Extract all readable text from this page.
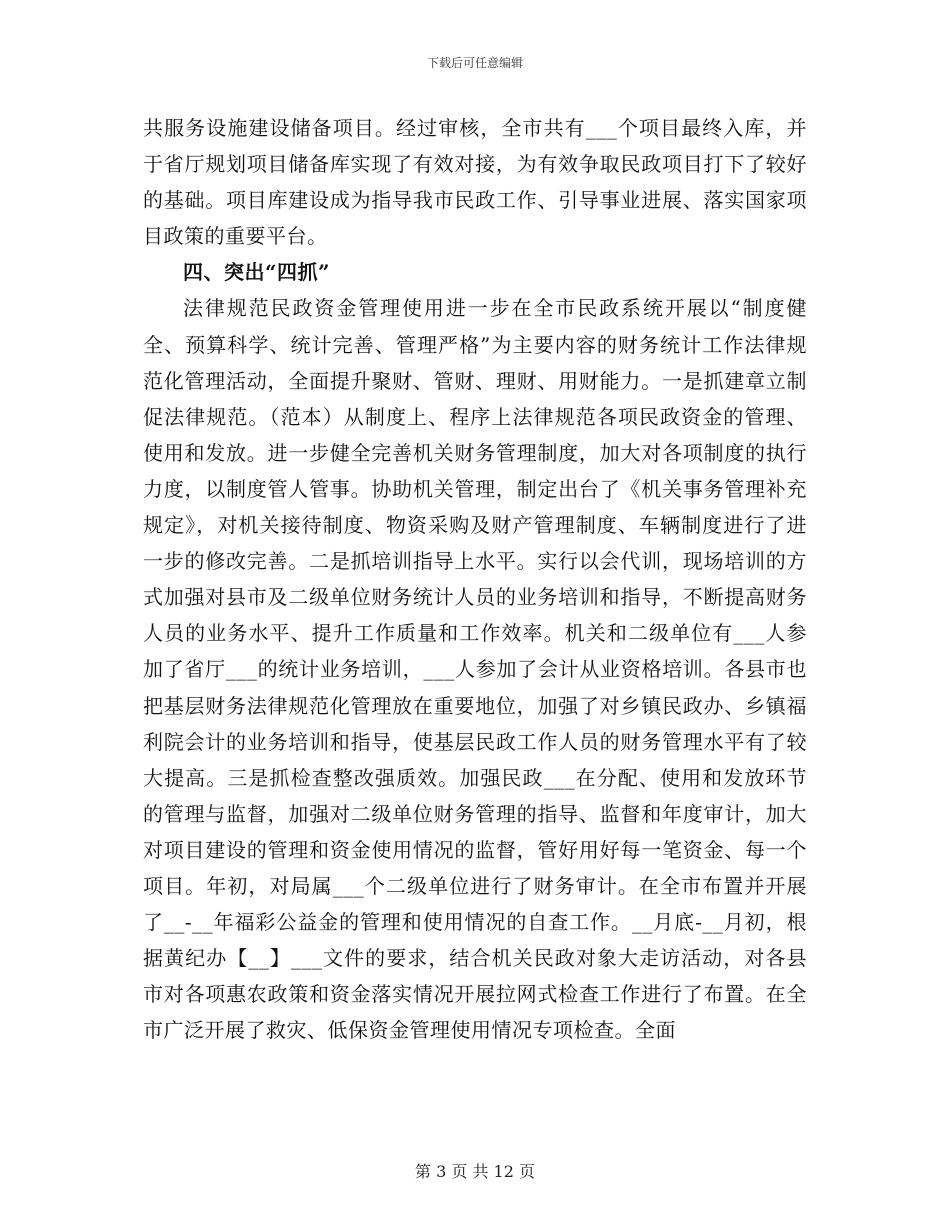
下载后可任意编辑

共服务设施建设储备项目。经过审核，全市共有___个项目最终入库，并于省厅规划项目储备库实现了有效对接，为有效争取民政项目打下了较好的基础。项目库建设成为指导我市民政工作、引导事业进展、落实国家项目政策的重要平台。

四、突出“四抓”

法律规范民政资金管理使用进一步在全市民政系统开展以“制度健全、预算科学、统计完善、管理严格”为主要内容的财务统计工作法律规范化管理活动，全面提升聚财、管财、理财、用财能力。一是抓建章立制促法律规范。（范本）从制度上、程序上法律规范各项民政资金的管理、使用和发放。进一步健全完善机关财务管理制度，加大对各项制度的执行力度，以制度管人管事。协助机关管理，制定出台了《机关事务管理补充规定》，对机关接待制度、物资采购及财产管理制度、车辆制度进行了进一步的修改完善。二是抓培训指导上水平。实行以会代训，现场培训的方式加强对县市及二级单位财务统计人员的业务培训和指导，不断提高财务人员的业务水平、提升工作质量和工作效率。机关和二级单位有___人参加了省厅___的统计业务培训，___人参加了会计从业资格培训。各县市也把基层财务法律规范化管理放在重要地位，加强了对乡镇民政办、乡镇福利院会计的业务培训和指导，使基层民政工作人员的财务管理水平有了较大提高。三是抓检查整改强质效。加强民政___在分配、使用和发放环节的管理与监督，加强对二级单位财务管理的指导、监督和年度审计，加大对项目建设的管理和资金使用情况的监督，管好用好每一笔资金、每一个项目。年初，对局属___个二级单位进行了财务审计。在全市布置并开展了__-__年福彩公益金的管理和使用情况的自查工作。__月底-__月初，根据黄纪办【__】___文件的要求，结合机关民政对象大走访活动，对各县市对各项惠农政策和资金落实情况开展拉网式检查工作进行了布置。在全市广泛开展了救灾、低保资金管理使用情况专项检查。全面

第 3 页 共 12 页
